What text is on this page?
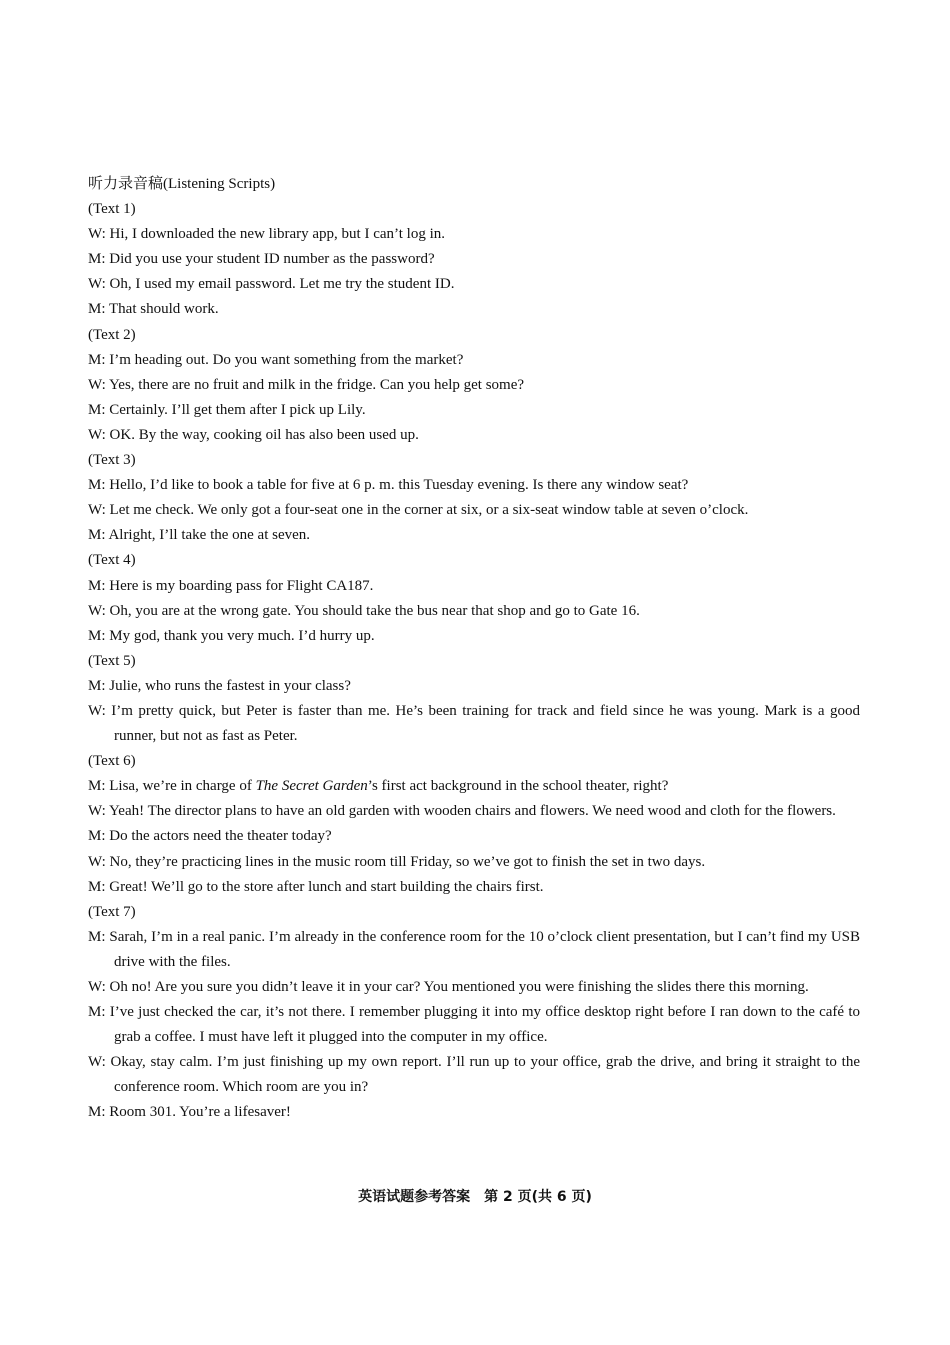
听力录音稿(Listening Scripts)
(Text 1)
W: Hi, I downloaded the new library app, but I can’t log in.
M: Did you use your student ID number as the password?
W: Oh, I used my email password. Let me try the student ID.
M: That should work.
(Text 2)
M: I’m heading out. Do you want something from the market?
W: Yes, there are no fruit and milk in the fridge. Can you help get some?
M: Certainly. I’ll get them after I pick up Lily.
W: OK. By the way, cooking oil has also been used up.
(Text 3)
M: Hello, I’d like to book a table for five at 6 p. m. this Tuesday evening. Is there any window seat?
W: Let me check. We only got a four-seat one in the corner at six, or a six-seat window table at seven o’clock.
M: Alright, I’ll take the one at seven.
(Text 4)
M: Here is my boarding pass for Flight CA187.
W: Oh, you are at the wrong gate. You should take the bus near that shop and go to Gate 16.
M: My god, thank you very much. I’d hurry up.
(Text 5)
M: Julie, who runs the fastest in your class?
W: I’m pretty quick, but Peter is faster than me. He’s been training for track and field since he was young. Mark is a good runner, but not as fast as Peter.
(Text 6)
M: Lisa, we’re in charge of The Secret Garden’s first act background in the school theater, right?
W: Yeah! The director plans to have an old garden with wooden chairs and flowers. We need wood and cloth for the flowers.
M: Do the actors need the theater today?
W: No, they’re practicing lines in the music room till Friday, so we’ve got to finish the set in two days.
M: Great! We’ll go to the store after lunch and start building the chairs first.
(Text 7)
M: Sarah, I’m in a real panic. I’m already in the conference room for the 10 o’clock client presentation, but I can’t find my USB drive with the files.
W: Oh no! Are you sure you didn’t leave it in your car? You mentioned you were finishing the slides there this morning.
M: I’ve just checked the car, it’s not there. I remember plugging it into my office desktop right before I ran down to the café to grab a coffee. I must have left it plugged into the computer in my office.
W: Okay, stay calm. I’m just finishing up my own report. I’ll run up to your office, grab the drive, and bring it straight to the conference room. Which room are you in?
M: Room 301. You’re a lifesaver!
英语试题参考答案　第 2 页(共 6 页)
